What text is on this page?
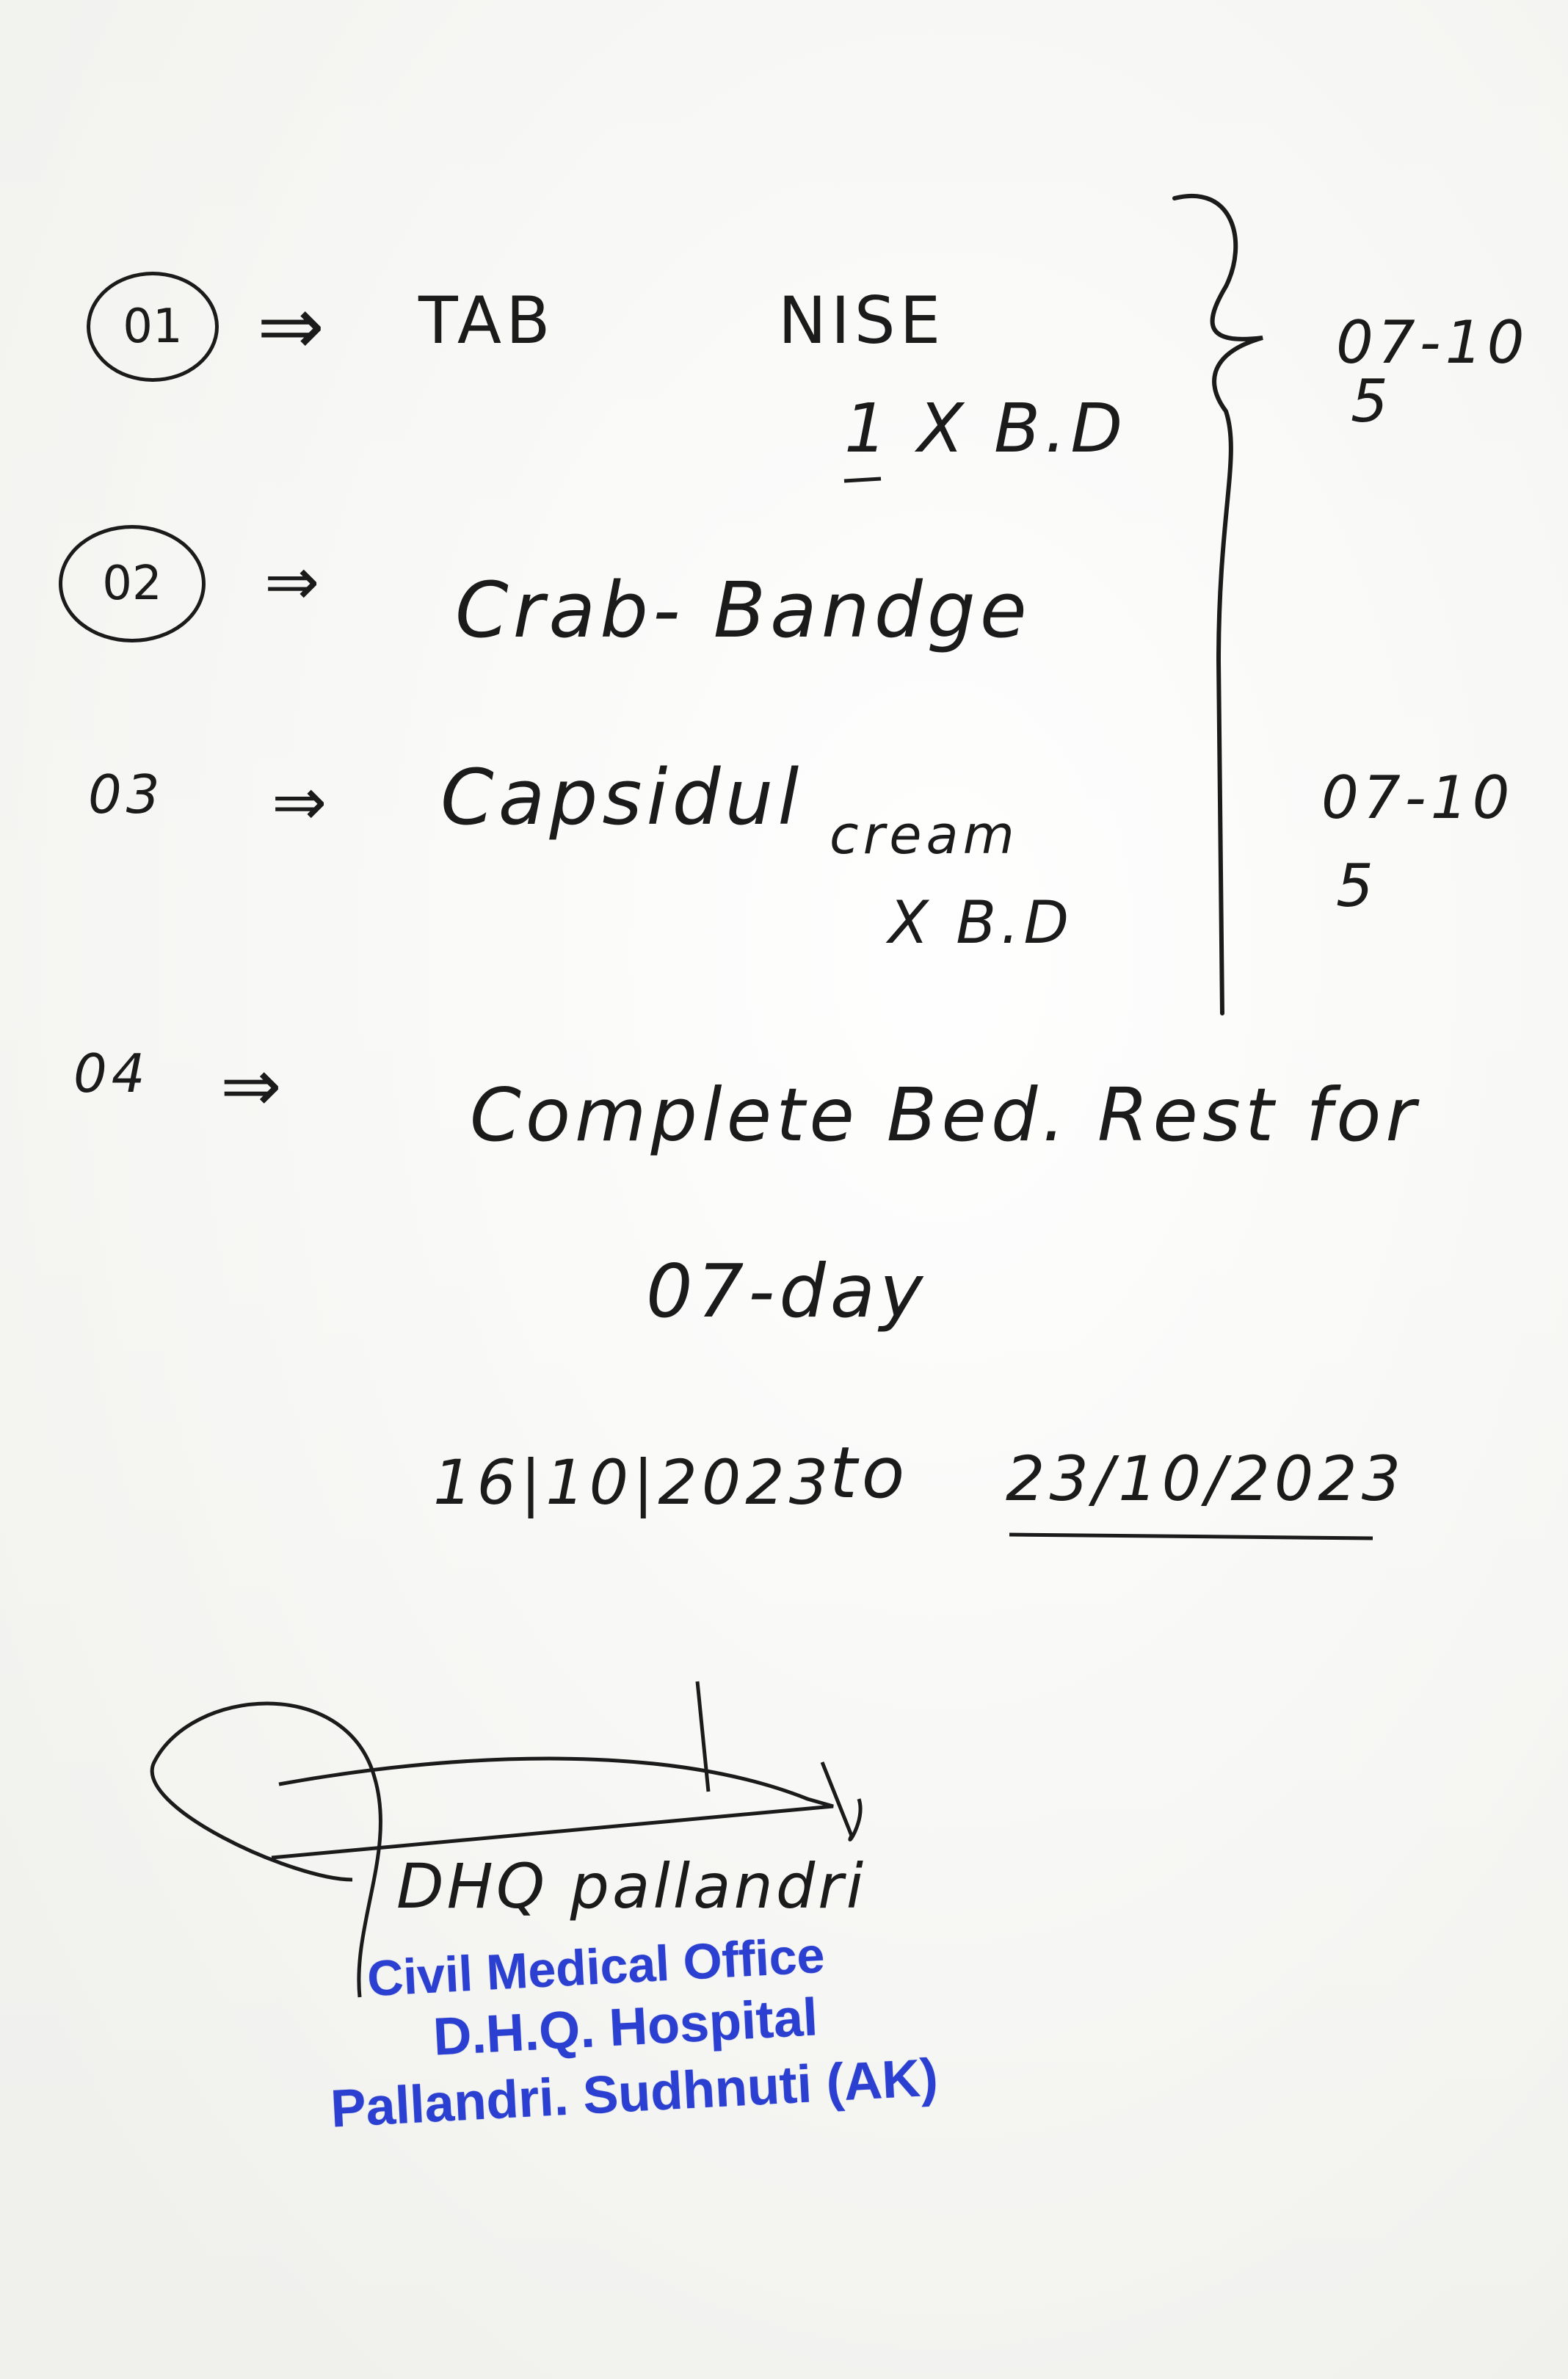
01 ⇒ TAB	NISE
1 X B.D
07-10
5
02	⇒ Crab- Bandge
03 ⇒ Capsidul cream
X B.D
07-10
5
04 ⇒	Complete Bed. Rest for
07-day
16|10|2023
to 23/10/2023
DHQ pallandri
Civil Medical Office
D.H.Q. Hospital
Pallandri. Sudhnuti (AK)
